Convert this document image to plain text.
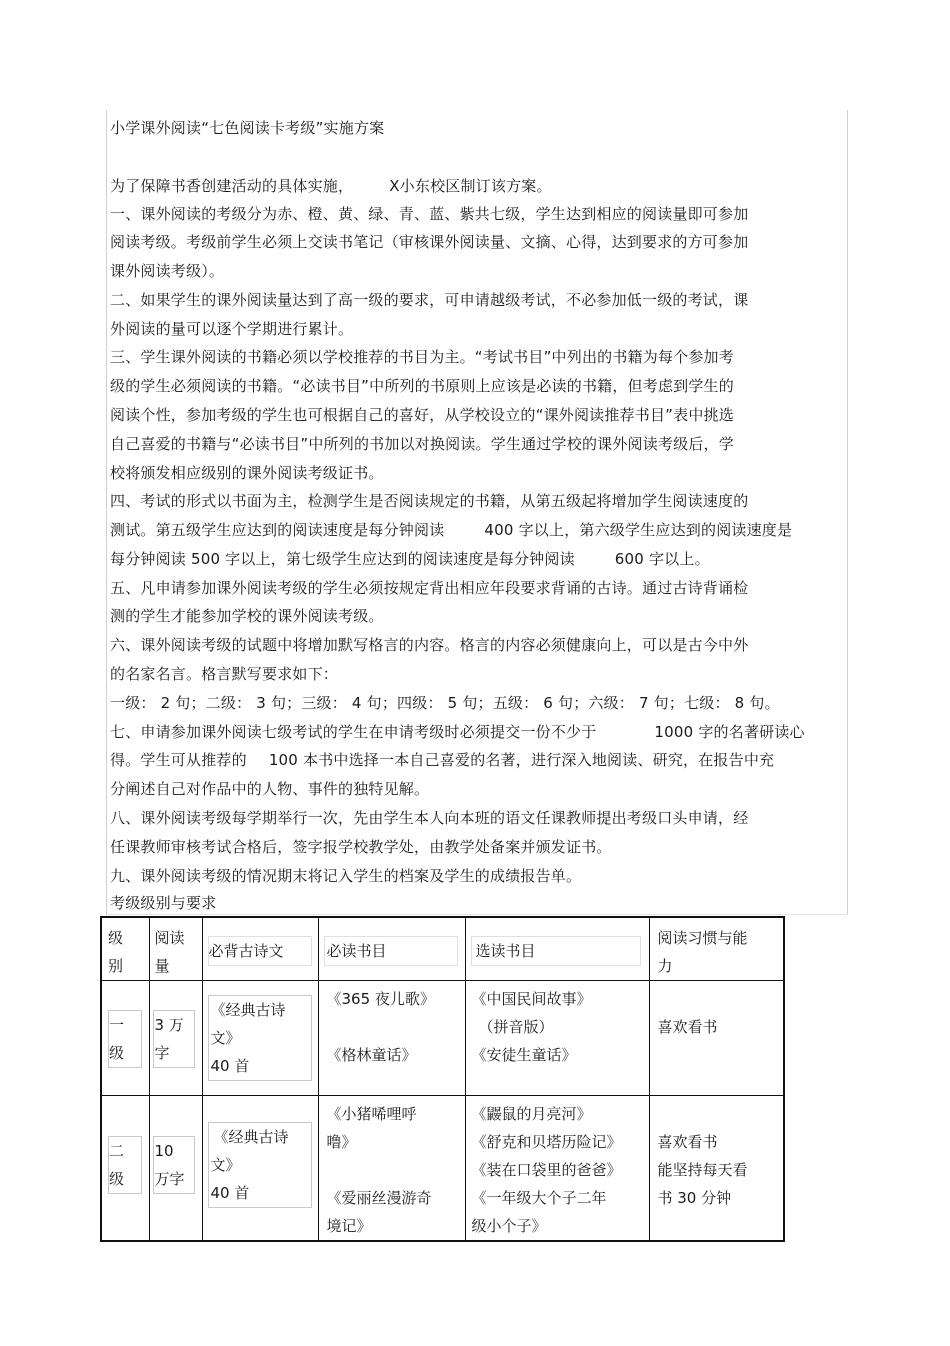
小学课外阅读“七色阅读卡考级”实施方案
为了保障书香创建活动的具体实施， X小东校区制订该方案。
一、课外阅读的考级分为赤、橙、黄、绿、青、蓝、紫共七级，学生达到相应的阅读量即可参加
阅读考级。考级前学生必须上交读书笔记（审核课外阅读量、文摘、心得，达到要求的方可参加
课外阅读考级）。
二、如果学生的课外阅读量达到了高一级的要求，可申请越级考试，不必参加低一级的考试，课
外阅读的量可以逐个学期进行累计。
三、学生课外阅读的书籍必须以学校推荐的书目为主。“考试书目”中列出的书籍为每个参加考
级的学生必须阅读的书籍。“必读书目”中所列的书原则上应该是必读的书籍，但考虑到学生的
阅读个性，参加考级的学生也可根据自己的喜好，从学校设立的“课外阅读推荐书目”表中挑选
自己喜爱的书籍与“必读书目”中所列的书加以对换阅读。学生通过学校的课外阅读考级后，学
校将颁发相应级别的课外阅读考级证书。
四、考试的形式以书面为主，检测学生是否阅读规定的书籍，从第五级起将增加学生阅读速度的
测试。第五级学生应达到的阅读速度是每分钟阅读	400 字以上，第六级学生应达到的阅读速度是
每分钟阅读 500 字以上，第七级学生应达到的阅读速度是每分钟阅读	600 字以上。
五、凡申请参加课外阅读考级的学生必须按规定背出相应年段要求背诵的古诗。通过古诗背诵检
测的学生才能参加学校的课外阅读考级。
六、课外阅读考级的试题中将增加默写格言的内容。格言的内容必须健康向上，可以是古今中外
的名家名言。格言默写要求如下：
一级： 2 句；二级： 3 句；三级： 4 句；四级： 5 句；五级： 6 句；六级： 7 句；七级： 8 句。
七、申请参加课外阅读七级考试的学生在申请考级时必须提交一份不少于	1000 字的名著研读心
得。学生可从推荐的 100 本书中选择一本自己喜爱的名著，进行深入地阅读、研究，在报告中充
分阐述自己对作品中的人物、事件的独特见解。
八、课外阅读考级每学期举行一次，先由学生本人向本班的语文任课教师提出考级口头申请，经
任课教师审核考试合格后，签字报学校教学处，由教学处备案并颁发证书。
九、课外阅读考级的情况期末将记入学生的档案及学生的成绩报告单。
考级级别与要求
级
别	阅读
量	必背古诗文	必读书目	选读书目	阅读习惯与能
力

一
级	3 万
字	《经典古诗
文》
40 首	《365 夜儿歌》
《格林童话》	《中国民间故事》
（拼音版）
《安徒生童话》	喜欢看书

二
级	10
万字	《经典古诗
文》
40 首	《小猪唏哩呼
噜》
《爱丽丝漫游奇
境记》	《鼹鼠的月亮河》
《舒克和贝塔历险记》
《装在口袋里的爸爸》
《一年级大个子二年
级小个子》	喜欢看书
能坚持每天看
书 30 分钟
